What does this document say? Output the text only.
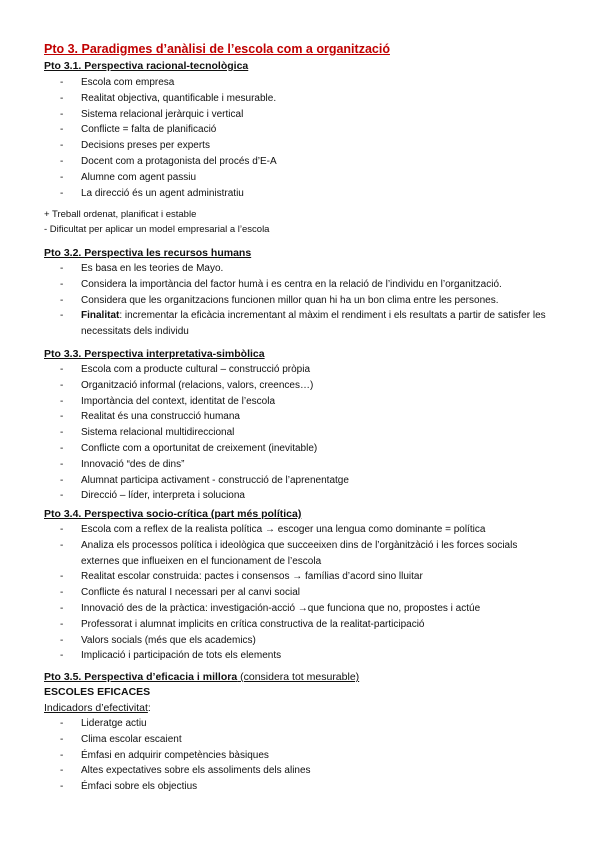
Pto 3. Paradigmes d’anàlisi de l’escola com a organització
Pto 3.1. Perspectiva racional-tecnològica
- Escola com empresa
- Realitat objectiva, quantificable i mesurable.
- Sistema relacional jeràrquic i vertical
- Conflicte = falta de planificació
- Decisions preses per experts
- Docent com a protagonista del procés d’E-A
- Alumne com agent passiu
- La direcció és un agent administratiu
+ Treball ordenat, planificat i estable
- Dificultat per aplicar un model empresarial a l’escola
Pto 3.2. Perspectiva les recursos humans
- Es basa en les teories de Mayo.
- Considera la importància del factor humà i es centra en la relació de l’individu en l’organització.
- Considera que les organitzacions funcionen millor quan hi ha un bon clima entre les persones.
- Finalitat: incrementar la eficàcia incrementant al màxim el rendiment i els resultats a partir de satisfer les necessitats dels individu
Pto 3.3. Perspectiva interpretativa-simbòlica
- Escola com a producte cultural – construcció pròpia
- Organització informal (relacions, valors, creences…)
- Importància del context, identitat de l’escola
- Realitat és una construcció humana
- Sistema relacional multidireccional
- Conflicte com a oportunitat de creixement (inevitable)
- Innovació “des de dins”
- Alumnat participa activament - construcció de l’aprenentatge
- Direcció – líder, interpreta i soluciona
Pto 3.4. Perspectiva socio-crítica (part més política)
- Escola com a reflex de la realista política → escoger una lengua como dominante = política
- Analiza els processos política i ideològica que succeeixen dins de l’orgànitzàció i les forces socials externes que influeixen en el funcionament de l’escola
- Realitat escolar construida: pactes i consensos → famílias d’acord sino lluitar
- Conflicte és natural I necessari per al canvi social
- Innovació des de la pràctica: investigación-acció →que funciona que no, propostes i actúe
- Professorat i alumnat implicits en crítica constructiva de la realitat-participació
- Valors socials (més que els academics)
- Implicació i participación de tots els elements
Pto 3.5. Perspectiva d’eficacia i millora (considera tot mesurable)
ESCOLES EFICACES
Indicadors d’efectivitat:
- Lideratge actiu
- Clima escolar escaient
- Émfasi en adquirir competències bàsiques
- Altes expectatives sobre els assoliments dels alines
- Émfaci sobre els objectius
